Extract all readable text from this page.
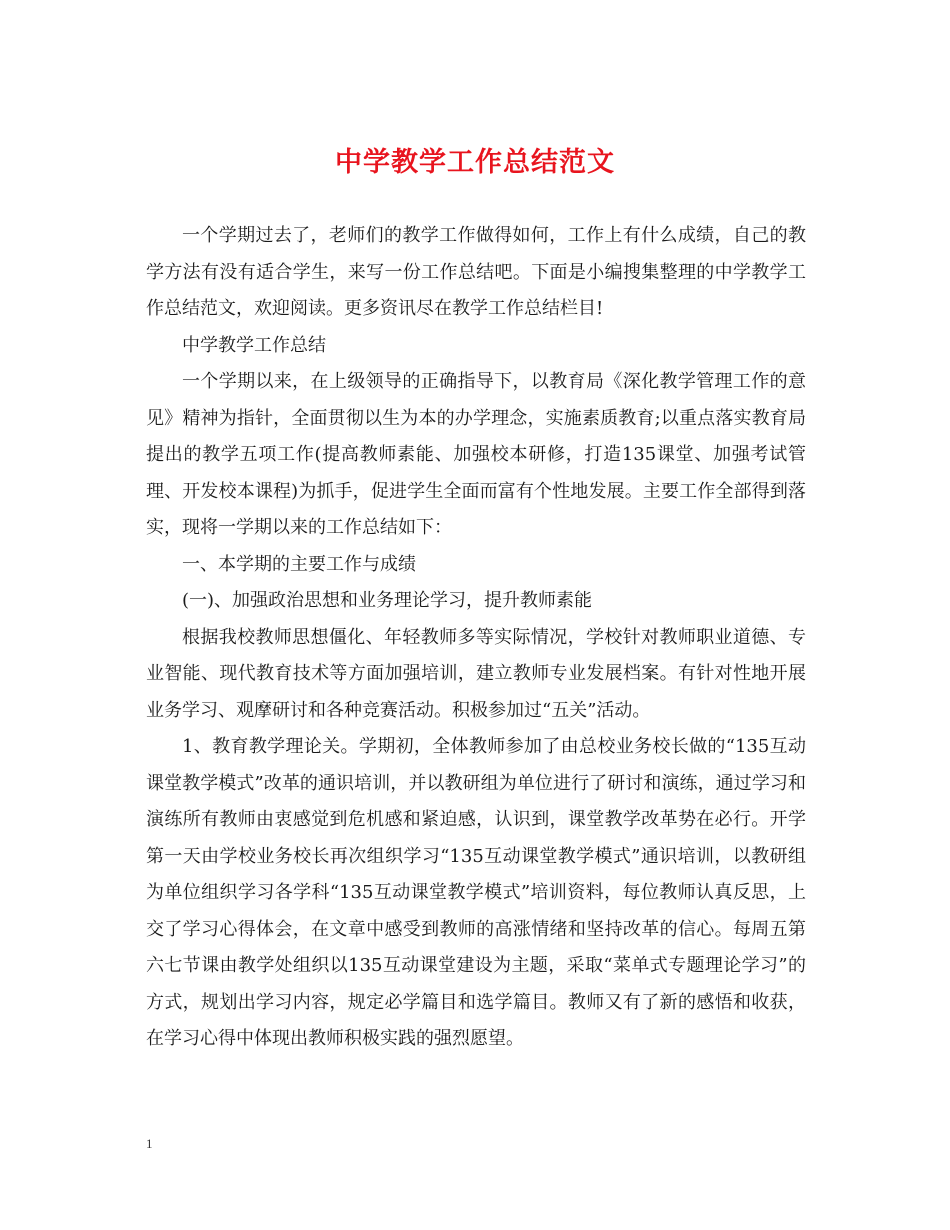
中学教学工作总结范文

一个学期过去了，老师们的教学工作做得如何，工作上有什么成绩，自己的教学方法有没有适合学生，来写一份工作总结吧。下面是小编搜集整理的中学教学工作总结范文，欢迎阅读。更多资讯尽在教学工作总结栏目!

中学教学工作总结

一个学期以来，在上级领导的正确指导下，以教育局《深化教学管理工作的意见》精神为指针，全面贯彻以生为本的办学理念，实施素质教育;以重点落实教育局提出的教学五项工作(提高教师素能、加强校本研修，打造135课堂、加强考试管理、开发校本课程)为抓手，促进学生全面而富有个性地发展。主要工作全部得到落实，现将一学期以来的工作总结如下：

一、本学期的主要工作与成绩

(一)、加强政治思想和业务理论学习，提升教师素能

根据我校教师思想僵化、年轻教师多等实际情况，学校针对教师职业道德、专业智能、现代教育技术等方面加强培训，建立教师专业发展档案。有针对性地开展业务学习、观摩研讨和各种竞赛活动。积极参加过“五关”活动。

1、教育教学理论关。学期初，全体教师参加了由总校业务校长做的“135互动课堂教学模式”改革的通识培训，并以教研组为单位进行了研讨和演练，通过学习和演练所有教师由衷感觉到危机感和紧迫感，认识到，课堂教学改革势在必行。开学第一天由学校业务校长再次组织学习“135互动课堂教学模式”通识培训，以教研组为单位组织学习各学科“135互动课堂教学模式”培训资料，每位教师认真反思，上交了学习心得体会，在文章中感受到教师的高涨情绪和坚持改革的信心。每周五第六七节课由教学处组织以135互动课堂建设为主题，采取“菜单式专题理论学习”的方式，规划出学习内容，规定必学篇目和选学篇目。教师又有了新的感悟和收获，在学习心得中体现出教师积极实践的强烈愿望。

1
